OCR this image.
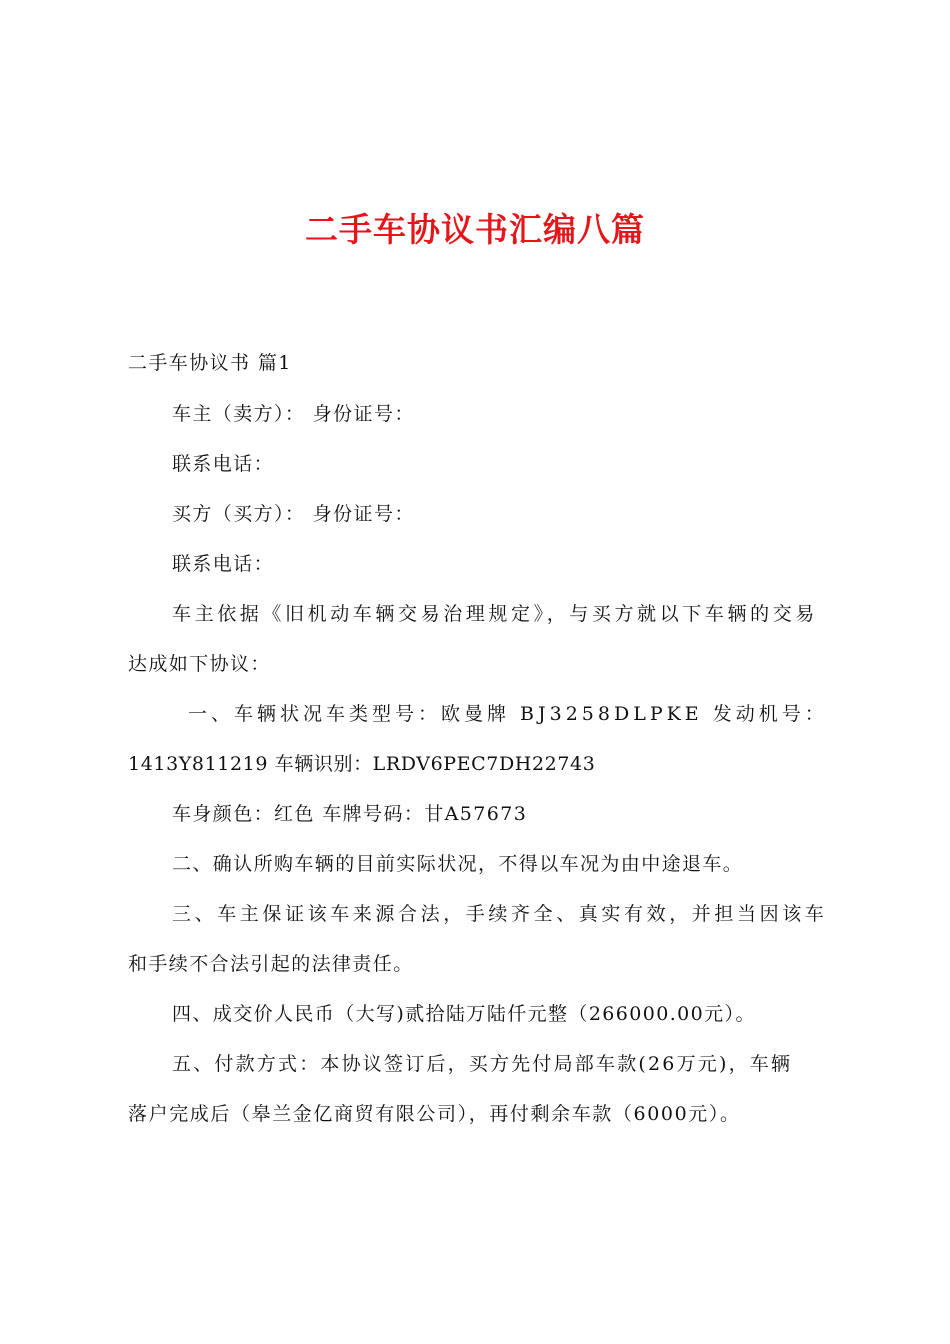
二手车协议书汇编八篇
二手车协议书 篇1
车主（卖方）： 身份证号：
联系电话：
买方（买方）： 身份证号：
联系电话：
车主依据《旧机动车辆交易治理规定》，与买方就以下车辆的交易
达成如下协议：
一、车辆状况车类型号：欧曼牌 BJ3258DLPKE 发动机号：
1413Y811219 车辆识别：LRDV6PEC7DH22743
车身颜色：红色 车牌号码：甘A57673
二、确认所购车辆的目前实际状况，不得以车况为由中途退车。
三、车主保证该车来源合法，手续齐全、真实有效，并担当因该车
和手续不合法引起的法律责任。
四、成交价人民币（大写)贰拾陆万陆仟元整（266000.00元）。
五、付款方式：本协议签订后，买方先付局部车款(26万元)，车辆
落户完成后（皋兰金亿商贸有限公司），再付剩余车款（6000元）。
